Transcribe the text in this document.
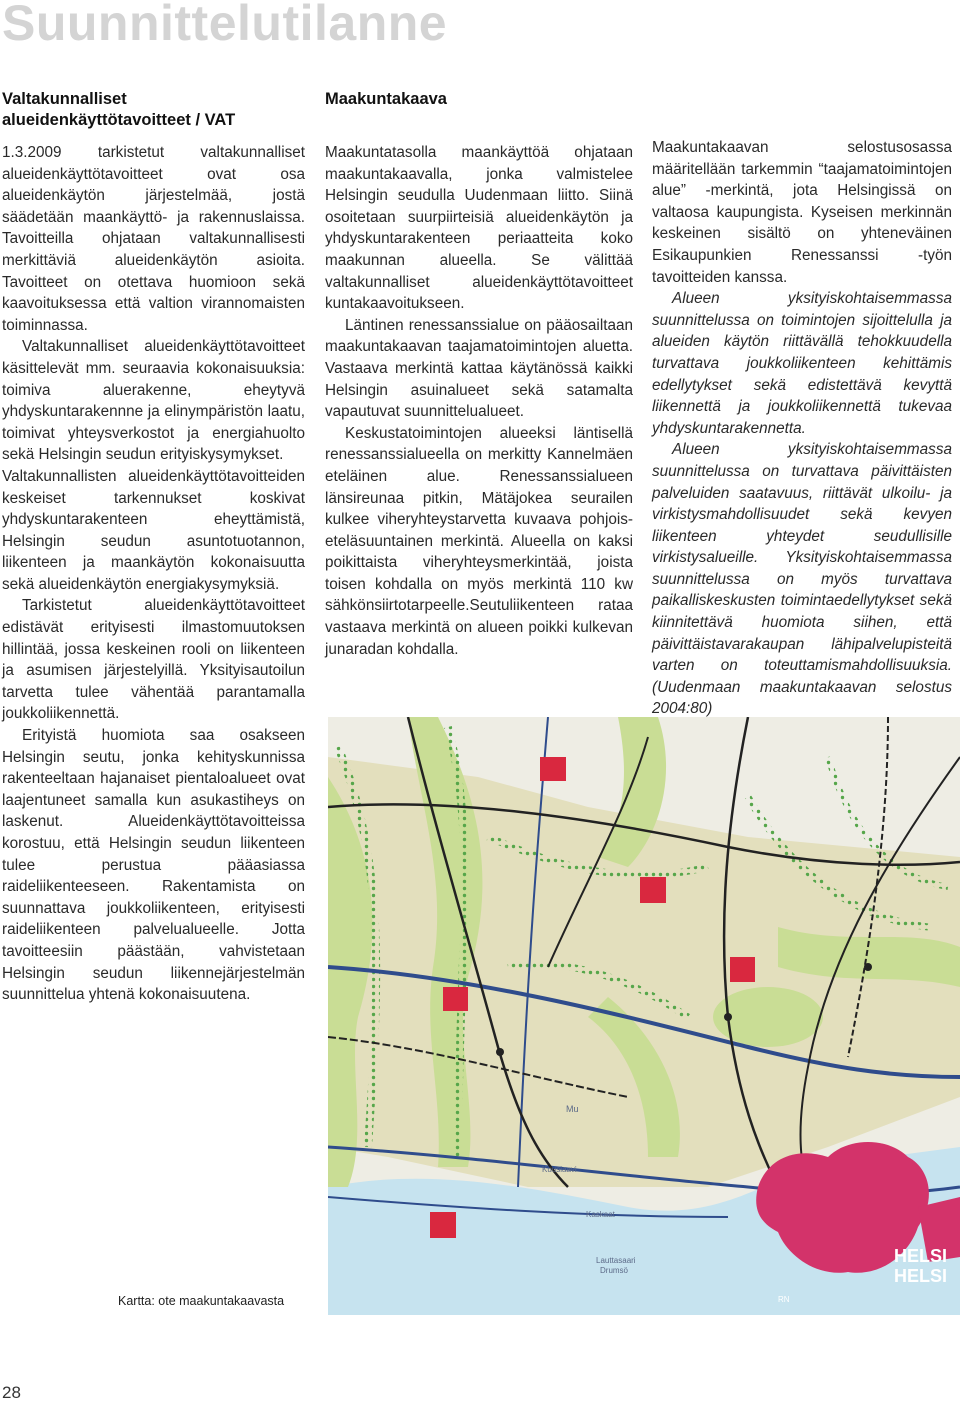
Suunnittelutilanne
Valtakunnalliset
alueidenkäyttötavoitteet / VAT

1.3.2009 tarkistetut valtakunnalliset alueidenkäyttötavoitteet ovat osa alueidenkäytön järjestelmää, jostä säädetään maankäyttö- ja rakennuslaissa. Tavoitteilla ohjataan valtakunnallisesti merkittäviä alueidenkäytön asioita. Tavoitteet on otettava huomioon sekä kaavoituksessa että valtion virannomaisten toiminnassa.

Valtakunnalliset alueidenkäyttötavoitteet käsittelevät mm. seuraavia kokonaisuuksia: toimiva aluerakenne, eheytyvä yhdyskuntarakennne ja elinympäristön laatu, toimivat yhteysverkostot ja energiahuolto sekä Helsingin seudun erityiskysymykset.

Valtakunnallisten alueidenkäyttötavoitteiden keskeiset tarkennukset koskivat yhdyskuntarakenteen eheyttämistä, Helsingin seudun asuntotuotannon, liikenteen ja maankäytön kokonaisuutta sekä alueidenkäytön energiakysymyksiä.

Tarkistetut alueidenkäyttötavoitteet edistävät erityisesti ilmastomuutoksen hillintää, jossa keskeinen rooli on liikenteen ja asumisen järjestelyillä. Yksityisautoilun tarvetta tulee vähentää parantamalla joukkoliikennettä.

Erityistä huomiota saa osakseen Helsingin seutu, jonka kehityskunnissa rakenteeltaan hajanaiset pientaloalueet ovat laajentuneet samalla kun asukastiheys on laskenut. Alueidenkäyttötavoitteissa korostuu, että Helsingin seudun liikenteen tulee perustua pääasiassa raideliikenteeseen. Rakentamista on suunnattava joukkoliikenteen, erityisesti raideliikenteen palvelualueelle. Jotta tavoitteesiin päästään, vahvistetaan Helsingin seudun liikennejärjestelmän suunnittelua yhtenä kokonaisuutena.

Maakuntakaava

Maakuntatasolla maankäyttöä ohjataan maakuntakaavalla, jonka valmistelee Helsingin seudulla Uudenmaan liitto. Siinä osoitetaan suurpiirteisiä alueidenkäytön ja yhdyskuntarakenteen periaatteita koko maakunnan alueella. Se välittää valtakunnalliset alueidenkäyttötavoitteet kuntakaavoitukseen.

Läntinen renessanssialue on pääosailtaan maakuntakaavan taajamatoimintojen aluetta. Vastaava merkintä kattaa käytänössä kaikki Helsingin asuinalueet sekä satamalta vapautuvat suunnittelualueet.

Keskustatoimintojen alueeksi läntisellä renessanssialueella on merkitty Kannelmäen eteläinen alue. Renessanssialueen länsireunaa pitkin, Mätäjokea seurailen kulkee viheryhteystarvetta kuvaava pohjois-eteläsuuntainen merkintä. Alueella on kaksi poikittaista viheryhteysmerkintää, joista toisen kohdalla on myös merkintä 110 kw sähkönsiirtotarpeelle.Seutuliikenteen rataa vastaava merkintä on alueen poikki kulkevan junaradan kohdalla.

Maakuntakaavan selostusosassa määritellään tarkemmin “taajamatoimintojen alue” -merkintä, jota Helsingissä on valtaosa kaupungista. Kyseisen merkinnän keskeinen sisältö on yhteneväinen Esikaupunkien Renessanssi -työn tavoitteiden kanssa.

Alueen yksityiskohtaisemmassa suunnittelussa on toimintojen sijoittelulla ja alueiden käytön riittävällä tehokkuudella turvattava joukkoliikenteen kehittämis edellytykset sekä edistettävä kevyttä liikennettä ja joukkoliikennettä tukevaa yhdyskuntarakennetta.

Alueen yksityiskohtaisemmassa suunnittelussa on turvattava päivittäisten palveluiden saatavuus, riittävät ulkoilu- ja virkistysmahdollisuudet sekä kevyen liikenteen yhteydet seudullisille virkistysalueille. Yksityiskohtaisemmassa suunnittelussa on myös turvattava paikalliskeskusten toimintaedellytykset sekä kiinnitettävä huomiota siihen, että päivittäistavarakaupan lähipalvelupisteitä varten on toteuttamismahdollisuuksia. (Uudenmaan maakuntakaavan selostus 2004:80)

Mu
Kuusiaavi
Kaskaat
Lauttasaari
Drumsö
HELSI
HELSI
RN
Kartta: ote maakuntakaavasta
28
